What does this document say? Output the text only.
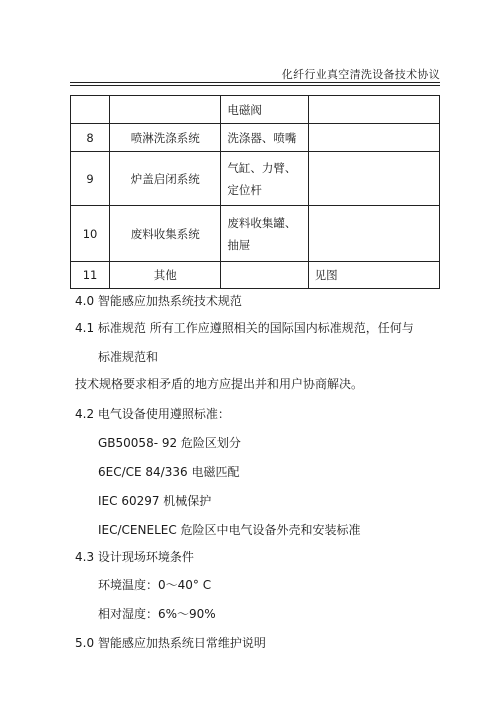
化纤行业真空清洗设备技术协议
		电磁阀	
8	喷淋洗涤系统	洗涤器、喷嘴	
9	炉盖启闭系统	气缸、力臂、定位杆	
10	废料收集系统	废料收集罐、抽屉	
11	其他		见图
4.0 智能感应加热系统技术规范
4.1 标准规范 所有工作应遵照相关的国际国内标准规范，任何与
标准规范和
技术规格要求相矛盾的地方应提出并和用户协商解决。
4.2 电气设备使用遵照标准：
GB50058- 92 危险区划分
6EC/CE 84/336 电磁匹配
IEC 60297 机械保护
IEC/CENELEC 危险区中电气设备外壳和安装标准
4.3 设计现场环境条件
环境温度：0～40° C
相对湿度：6%～90%
5.0 智能感应加热系统日常维护说明
